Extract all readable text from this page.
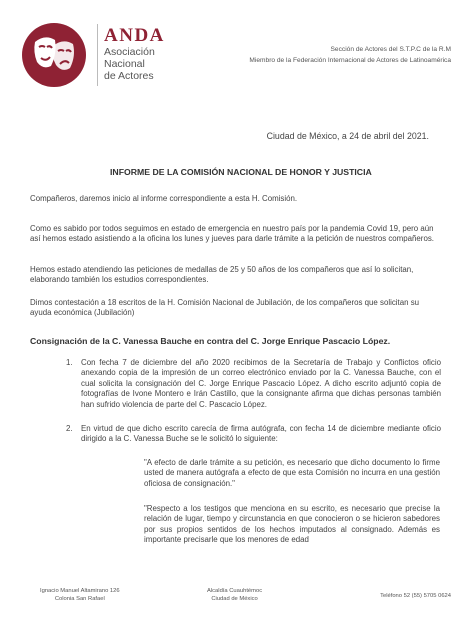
ANDA
Asociación
Nacional
de Actores
Sección de Actores del S.T.P.C de la R.M
Miembro de la Federación Internacional de Actores de Latinoamérica
Ciudad de México, a 24 de abril del 2021.
INFORME DE LA COMISIÓN NACIONAL DE HONOR Y JUSTICIA
Compañeros, daremos inicio al informe correspondiente a esta H. Comisión.
Como es sabido por todos seguimos en estado de emergencia en nuestro país por la pandemia Covid 19, pero aún así hemos estado asistiendo a la oficina los lunes y jueves para darle trámite a la petición de nuestros compañeros.
Hemos estado atendiendo las peticiones de medallas de 25 y 50 años de los compañeros que así lo solicitan, elaborando también los estudios correspondientes.
Dimos contestación a 18 escritos de la H. Comisión Nacional de Jubilación, de los compañeros que solicitan su ayuda económica (Jubilación)
Consignación de la C. Vanessa Bauche en contra del C. Jorge Enrique Pascacio López.
1. Con fecha 7 de diciembre del año 2020 recibimos de la Secretaría de Trabajo y Conflictos oficio anexando copia de la impresión de un correo electrónico enviado por la C. Vanessa Bauche, con el cual solicita la consignación del C. Jorge Enrique Pascacio López. A dicho escrito adjuntó copia de fotografías de Ivone Montero e Irán Castillo, que la consignante afirma que dichas personas también han sufrido violencia de parte del C. Pascacio López.
2. En virtud de que dicho escrito carecía de firma autógrafa, con fecha 14 de diciembre mediante oficio dirigido a la C. Vanessa Buche se le solicitó lo siguiente:
"A efecto de darle trámite a su petición, es necesario que dicho documento lo firme usted de manera autógrafa a efecto de que esta Comisión no incurra en una gestión oficiosa de consignación."
"Respecto a los testigos que menciona en su escrito, es necesario que precise la relación de lugar, tiempo y circunstancia en que conocieron o se hicieron sabedores por sus propios sentidos de los hechos imputados al consignado. Además es importante precisarle que los menores de edad
Ignacio Manuel Altamirano 126
Colonia San Rafael
Alcaldía Cuauhtémoc
Ciudad de México	Teléfono 52 (55) 5705 0624
